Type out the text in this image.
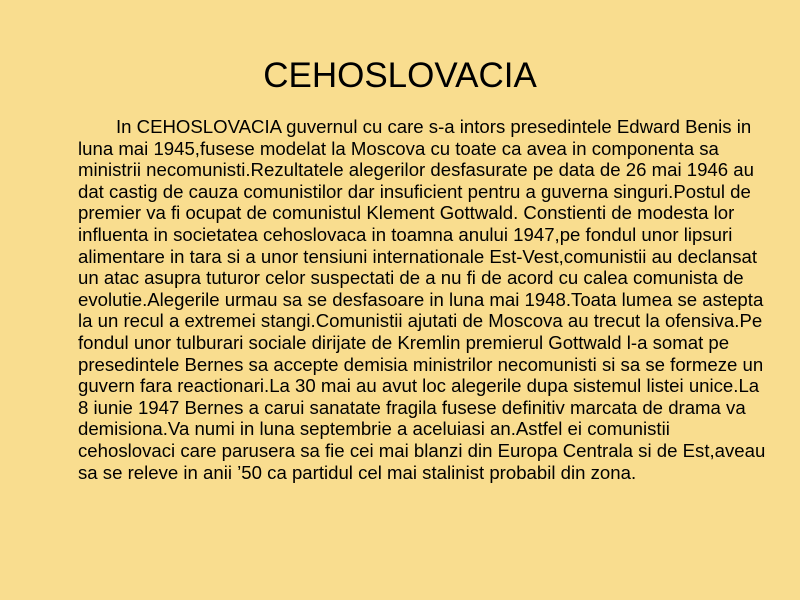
CEHOSLOVACIA

In CEHOSLOVACIA guvernul cu care s-a intors presedintele Edward Benis in luna mai 1945,fusese modelat la Moscova cu toate ca avea in componenta sa ministrii necomunisti.Rezultatele alegerilor desfasurate pe data de 26 mai 1946 au dat castig de cauza comunistilor dar insuficient pentru a guverna singuri.Postul de premier va fi ocupat de comunistul Klement Gottwald. Constienti de modesta lor influenta in societatea cehoslovaca in toamna anului 1947,pe fondul unor lipsuri alimentare in tara si a unor tensiuni internationale Est-Vest,comunistii au declansat un atac asupra tuturor celor suspectati de a nu fi de acord cu calea comunista de evolutie.Alegerile urmau sa se desfasoare in luna mai 1948.Toata lumea se astepta la un recul a extremei stangi.Comunistii ajutati de Moscova au trecut la ofensiva.Pe fondul unor tulburari sociale dirijate de Kremlin premierul Gottwald l-a somat pe presedintele Bernes sa accepte demisia ministrilor necomunisti si sa se formeze un guvern fara reactionari.La 30 mai au avut loc alegerile dupa sistemul listei unice.La 8 iunie 1947 Bernes a carui sanatate fragila fusese definitiv marcata de drama va demisiona.Va numi in luna septembrie a aceluiasi an.Astfel ei comunistii cehoslovaci care parusera sa fie cei mai blanzi din Europa Centrala si de Est,aveau sa se releve in anii ’50 ca partidul cel mai stalinist probabil din zona.
